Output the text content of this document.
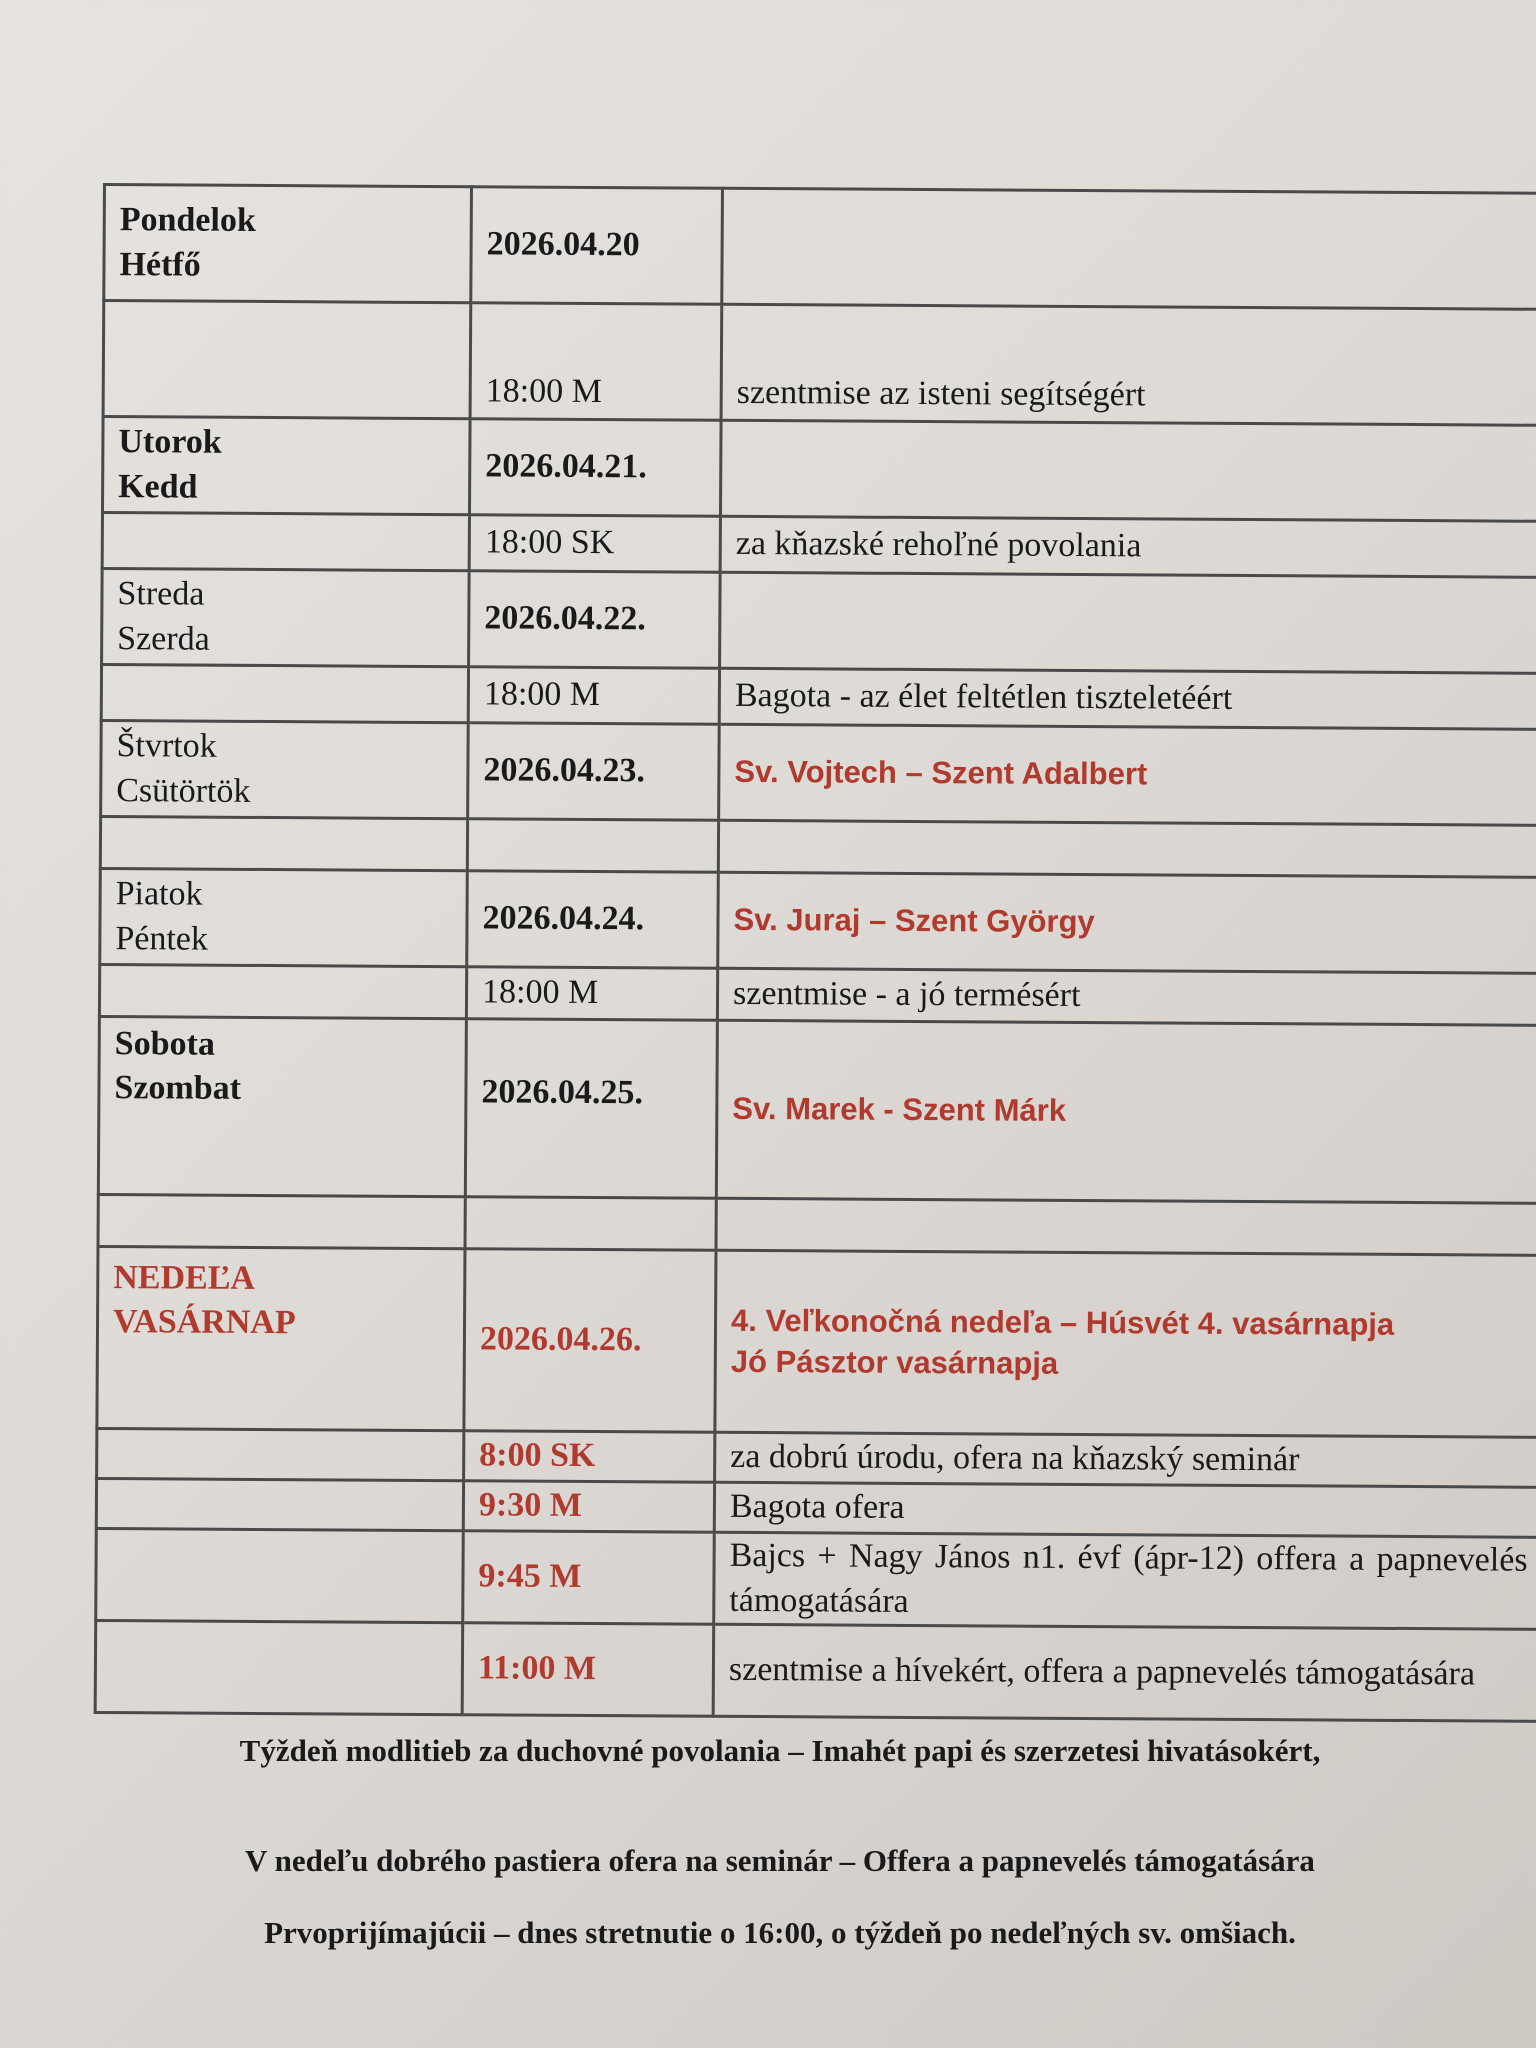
Pondelok
Hétfő	2026.04.20	
	18:00 M	szentmise az isteni segítségért

Utorok
Kedd	2026.04.21.	
	18:00 SK	za kňazské rehoľné povolania

Streda
Szerda	2026.04.22.	
	18:00 M	Bagota - az élet feltétlen tiszteletéért

Štvrtok
Csütörtök	2026.04.23.	Sv. Vojtech – Szent Adalbert

Piatok
Péntek	2026.04.24.	Sv. Juraj – Szent György
	18:00 M	szentmise - a jó termésért

Sobota
Szombat	2026.04.25.	Sv. Marek - Szent Márk

NEDEĽA
VASÁRNAP	2026.04.26.	4. Veľkonočná nedeľa – Húsvét 4. vasárnapja
Jó Pásztor vasárnapja

	8:00 SK	za dobrú úrodu, ofera na kňazský seminár
	9:30 M	Bagota ofera
	9:45 M	Bajcs + Nagy János n1. évf (ápr-12) offera a papnevelés támogatására
	11:00 M	szentmise a hívekért, offera a papnevelés támogatására
Týždeň modlitieb za duchovné povolania – Imahét papi és szerzetesi hivatásokért,
V nedeľu dobrého pastiera ofera na seminár – Offera a papnevelés támogatására
Prvoprijímajúcii – dnes stretnutie o 16:00, o týždeň po nedeľných sv. omšiach.
